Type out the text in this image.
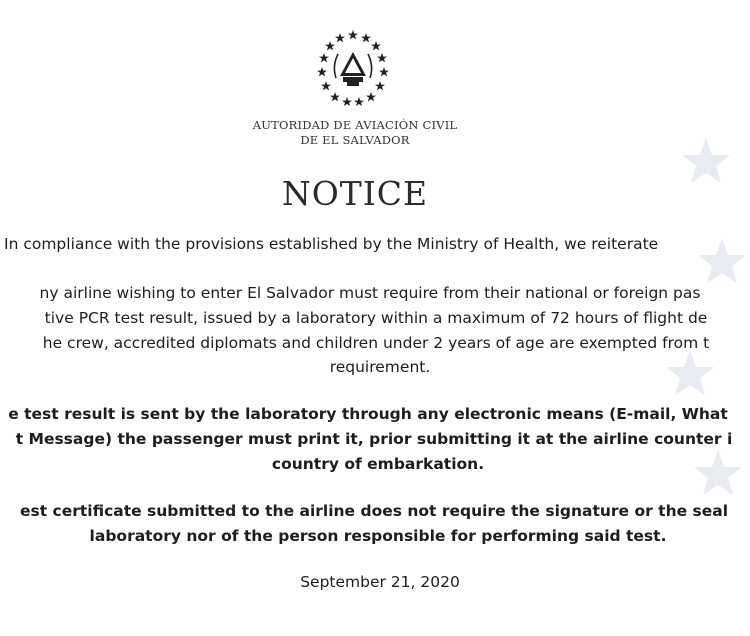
AUTORIDAD DE AVIACIÓN CIVIL
DE EL SALVADOR
NOTICE
In compliance with the provisions established by the Ministry of Health, we reiterate
ny airline wishing to enter El Salvador must require from their national or foreign pas
tive PCR test result, issued by a laboratory within a maximum of 72 hours of flight de
he crew, accredited diplomats and children under 2 years of age are exempted from t
requirement.
e test result is sent by the laboratory through any electronic means (E-mail, What
t Message) the passenger must print it, prior submitting it at the airline counter i
country of embarkation.
est certificate submitted to the airline does not require the signature or the seal
laboratory nor of the person responsible for performing said test.
September 21, 2020
